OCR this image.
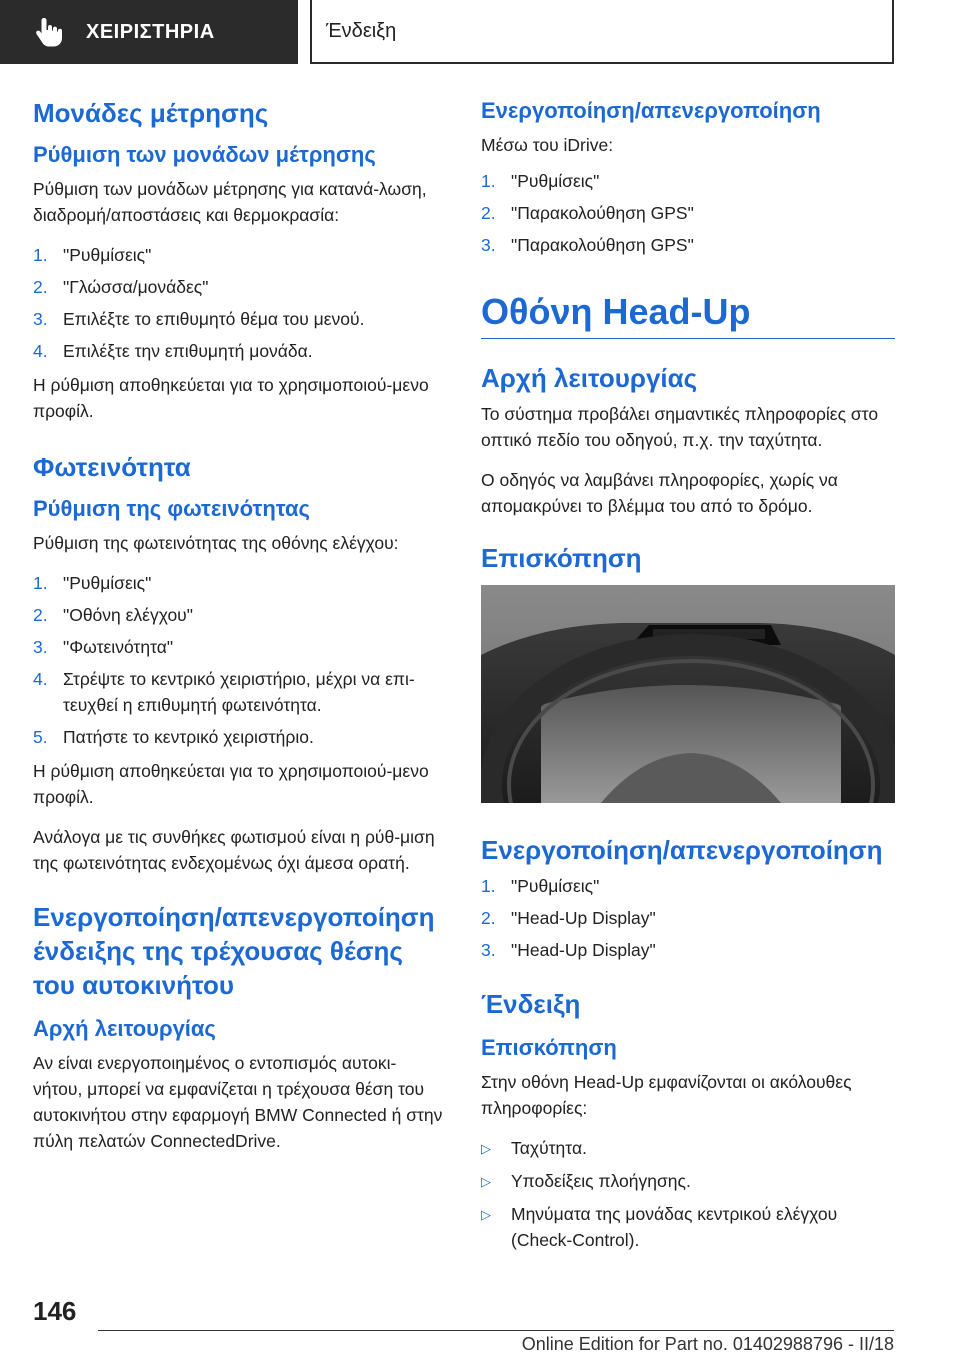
ΧΕΙΡΙΣΤΗΡΙΑ	Ένδειξη
Μονάδες μέτρησης
Ρύθμιση των μονάδων μέτρησης

Ρύθμιση των μονάδων μέτρησης για κατανά-λωση, διαδρομή/αποστάσεις και θερμοκρασία:

1. "Ρυθμίσεις"
2. "Γλώσσα/μονάδες"
3. Επιλέξτε το επιθυμητό θέμα του μενού.
4. Επιλέξτε την επιθυμητή μονάδα.

Η ρύθμιση αποθηκεύεται για το χρησιμοποιού-μενο προφίλ.

Φωτεινότητα
Ρύθμιση της φωτεινότητας

Ρύθμιση της φωτεινότητας της οθόνης ελέγχου:

1. "Ρυθμίσεις"
2. "Οθόνη ελέγχου"
3. "Φωτεινότητα"
4. Στρέψτε το κεντρικό χειριστήριο, μέχρι να επι-τευχθεί η επιθυμητή φωτεινότητα.
5. Πατήστε το κεντρικό χειριστήριο.

Η ρύθμιση αποθηκεύεται για το χρησιμοποιού-μενο προφίλ.

Ανάλογα με τις συνθήκες φωτισμού είναι η ρύθ-μιση της φωτεινότητας ενδεχομένως όχι άμεσα ορατή.

Ενεργοποίηση/απενεργοποίηση ένδειξης της τρέχουσας θέσης του αυτοκινήτου
Αρχή λειτουργίας

Αν είναι ενεργοποιημένος ο εντοπισμός αυτοκι-νήτου, μπορεί να εμφανίζεται η τρέχουσα θέση του αυτοκινήτου στην εφαρμογή BMW Connected ή στην πύλη πελατών ConnectedDrive.

Ενεργοποίηση/απενεργοποίηση

Μέσω του iDrive:

1. "Ρυθμίσεις"
2. "Παρακολούθηση GPS"
3. "Παρακολούθηση GPS"
Οθόνη Head-Up
Αρχή λειτουργίας

Το σύστημα προβάλει σημαντικές πληροφορίες στο οπτικό πεδίο του οδηγού, π.χ. την ταχύτητα.

Ο οδηγός να λαμβάνει πληροφορίες, χωρίς να απομακρύνει το βλέμμα του από το δρόμο.

Επισκόπηση
Ενεργοποίηση/απενεργοποίηση
1. "Ρυθμίσεις"
2. "Head-Up Display"
3. "Head-Up Display"
Ένδειξη
Επισκόπηση

Στην οθόνη Head-Up εμφανίζονται οι ακόλουθες πληροφορίες:

▷	Ταχύτητα.
▷	Υποδείξεις πλοήγησης.
▷	Μηνύματα της μονάδας κεντρικού ελέγχου (Check-Control).
146
Online Edition for Part no. 01402988796 - II/18
